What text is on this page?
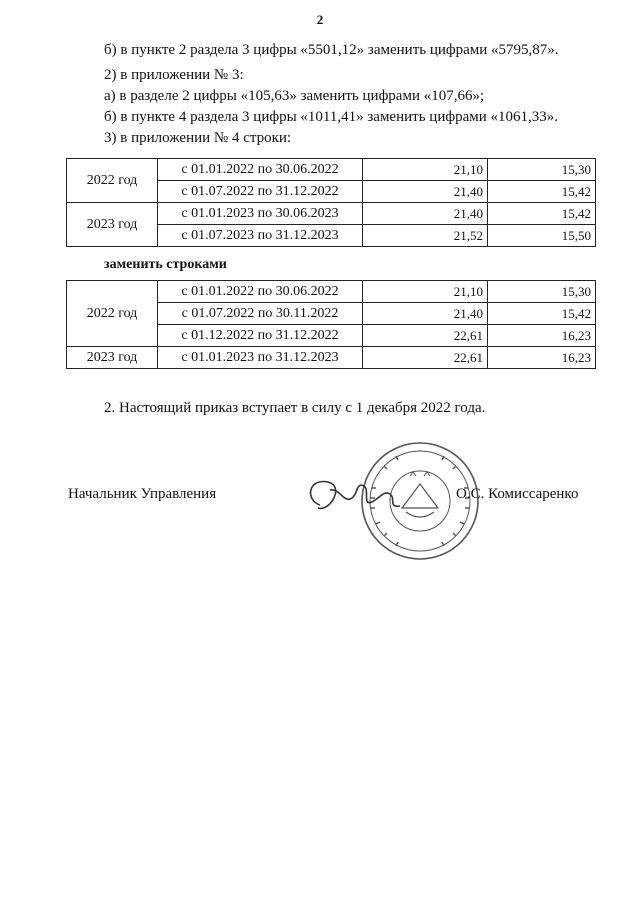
2
б) в пункте 2 раздела 3 цифры «5501,12» заменить цифрами «5795,87».
2) в приложении № 3:
а) в разделе 2 цифры «105,63» заменить цифрами «107,66»;
б) в пункте 4 раздела 3 цифры «1011,41» заменить цифрами «1061,33».
3) в приложении № 4 строки:
2022 год	с 01.01.2022 по 30.06.2022	21,10	15,30
	с 01.07.2022 по 31.12.2022	21,40	15,42
2023 год	с 01.01.2023 по 30.06.2023	21,40	15,42
	с 01.07.2023 по 31.12.2023	21,52	15,50
заменить строками
2022 год	с 01.01.2022 по 30.06.2022	21,10	15,30
	с 01.07.2022 по 30.11.2022	21,40	15,42
	с 01.12.2022 по 31.12.2022	22,61	16,23
2023 год	с 01.01.2023 по 31.12.2023	22,61	16,23
2. Настоящий приказ вступает в силу с 1 декабря 2022 года.
Начальник Управления	О.С. Комиссаренко
